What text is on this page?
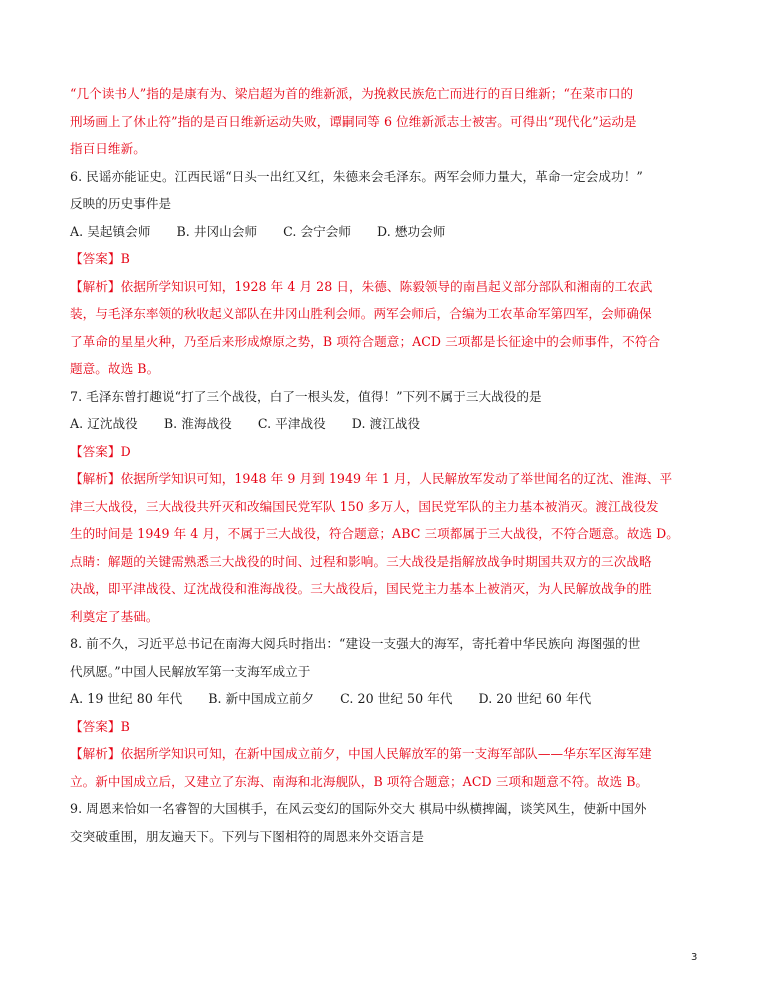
“几个读书人”指的是康有为、梁启超为首的维新派，为挽救民族危亡而进行的百日维新；“在菜市口的
刑场画上了休止符”指的是百日维新运动失败，谭嗣同等 6 位维新派志士被害。可得出“现代化”运动是
指百日维新。
6. 民谣亦能证史。江西民谣“日头一出红又红，朱德来会毛泽东。两军会师力量大，革命一定会成功！”
反映的历史事件是
A. 吴起镇会师 B. 井冈山会师 C. 会宁会师 D. 懋功会师
【答案】B
【解析】依据所学知识可知，1928 年 4 月 28 日，朱德、陈毅领导的南昌起义部分部队和湘南的工农武
装，与毛泽东率领的秋收起义部队在井冈山胜利会师。两军会师后，合编为工农革命军第四军，会师确保
了革命的星星火种，乃至后来形成燎原之势，B 项符合题意；ACD 三项都是长征途中的会师事件，不符合
题意。故选 B。
7. 毛泽东曾打趣说“打了三个战役，白了一根头发，值得！”下列不属于三大战役的是
A. 辽沈战役 B. 淮海战役 C. 平津战役 D. 渡江战役
【答案】D
【解析】依据所学知识可知，1948 年 9 月到 1949 年 1 月，人民解放军发动了举世闻名的辽沈、淮海、平
津三大战役，三大战役共歼灭和改编国民党军队 150 多万人，国民党军队的主力基本被消灭。渡江战役发
生的时间是 1949 年 4 月，不属于三大战役，符合题意；ABC 三项都属于三大战役，不符合题意。故选 D。
点睛：解题的关键需熟悉三大战役的时间、过程和影响。三大战役是指解放战争时期国共双方的三次战略
决战，即平津战役、辽沈战役和淮海战役。三大战役后，国民党主力基本上被消灭，为人民解放战争的胜
利奠定了基础。
8. 前不久，习近平总书记在南海大阅兵时指出：“建设一支强大的海军，寄托着中华民族向 海图强的世
代夙愿。”中国人民解放军第一支海军成立于
A. 19 世纪 80 年代 B. 新中国成立前夕 C. 20 世纪 50 年代 D. 20 世纪 60 年代
【答案】B
【解析】依据所学知识可知，在新中国成立前夕，中国人民解放军的第一支海军部队——华东军区海军建
立。新中国成立后，又建立了东海、南海和北海舰队，B 项符合题意；ACD 三项和题意不符。故选 B。
9. 周恩来恰如一名睿智的大国棋手，在风云变幻的国际外交大 棋局中纵横捭阖，谈笑风生，使新中国外
交突破重围，朋友遍天下。下列与下图相符的周恩来外交语言是
3
